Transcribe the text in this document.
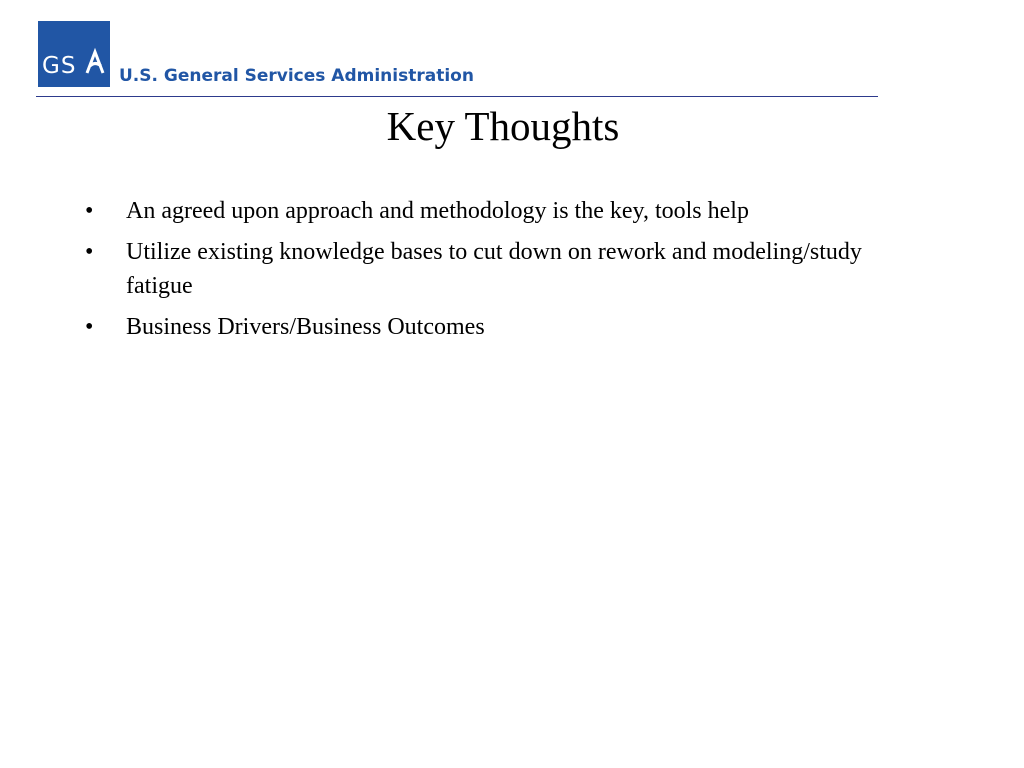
GS	U.S. General Services Administration
Key Thoughts
• An agreed upon approach and methodology is the key, tools help
• Utilize existing knowledge bases to cut down on rework and modeling/study fatigue
• Business Drivers/Business Outcomes
